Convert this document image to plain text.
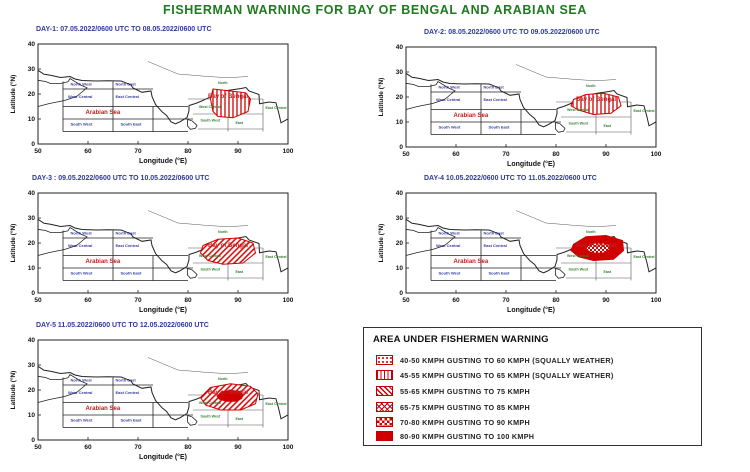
FISHERMAN WARNING FOR BAY OF BENGAL AND ARABIAN SEA
DAY-1: 07.05.2022/0600 UTC TO 08.05.2022/0600 UTC
North West	North East
West Central	East Central
South West	South East
Arabian Sea
Bay of Bengal
North
West Central	East Central
South West
East
50	60	70	80	90	100
40
30
20
10
0
Longitude (°E)
Latitude (°N)
DAY-2: 08.05.2022/0600 UTC TO 09.05.2022/0600 UTC
North West	North East
West Central	East Central
South West	South East
Arabian Sea
Bay of Bengal
North
West Central	East Central
South West
East
50	60	70	80	90	100
40
30
20
10
0
Longitude (°E)
Latitude (°N)
DAY-3 : 09.05.2022/0600 UTC TO 10.05.2022/0600 UTC
North West	North East
West Central	East Central
South West	South East
Arabian Sea
Bay of Bengal
North
West Central	East Central
South West
East
50	60	70	80	90	100
40
30
20
10
0
Longitude (°E)
Latitude (°N)
DAY-4 10.05.2022/0600 UTC TO 11.05.2022/0600 UTC
North West	North East
West Central	East Central
South West	South East
Arabian Sea
Bay of Bengal
North
West Central	East Central
South West
East
50	60	70	80	90	100
40
30
20
10
0
Longitude (°E)
Latitude (°N)
DAY-5 11.05.2022/0600 UTC TO 12.05.2022/0600 UTC
North West	North East
West Central	East Central
South West	South East
Arabian Sea
Bay of Bengal
North
West Central	East Central
South West
East
50	60	70	80	90	100
40
30
20
10
0
Longitude (°E)
Latitude (°N)
AREA UNDER FISHERMEN WARNING
40-50 KMPH GUSTING TO 60 KMPH (SQUALLY WEATHER)
45-55 KMPH GUSTING TO 65 KMPH (SQUALLY WEATHER)
55-65 KMPH GUSTING TO 75 KMPH
65-75 KMPH GUSTING TO 85 KMPH
70-80 KMPH GUSTING TO 90 KMPH
80-90 KMPH GUSTING TO 100 KMPH
